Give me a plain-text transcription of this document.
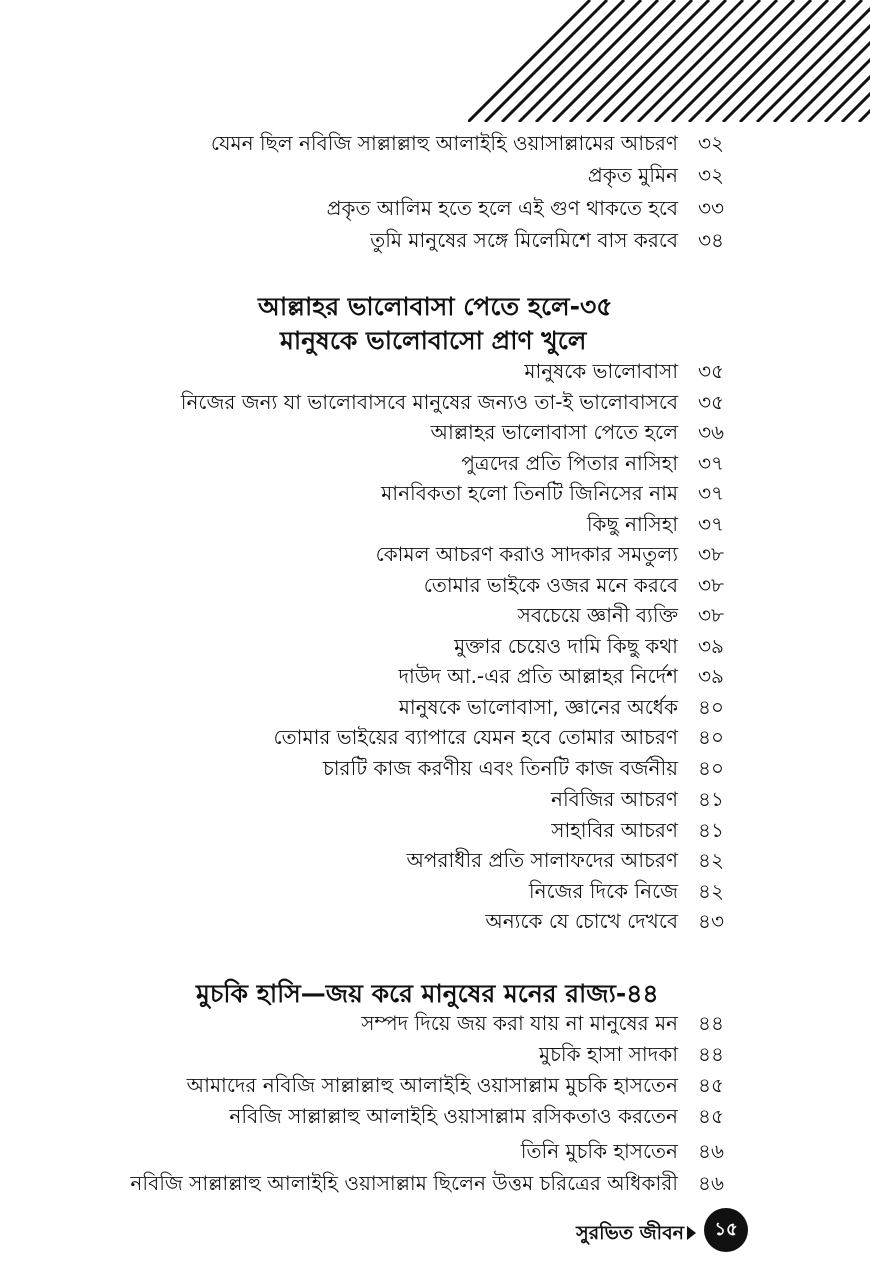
যেমন ছিল নবিজি সাল্লাল্লাহু আলাইহি ওয়াসাল্লামের আচরণ ৩২
প্রকৃত মুমিন ৩২
প্রকৃত আলিম হতে হলে এই গুণ থাকতে হবে ৩৩
তুমি মানুষের সঙ্গে মিলেমিশে বাস করবে ৩৪
আল্লাহর ভালোবাসা পেতে হলে-৩৫
মানুষকে ভালোবাসো প্রাণ খুলে
মানুষকে ভালোবাসা ৩৫
নিজের জন্য যা ভালোবাসবে মানুষের জন্যও তা-ই ভালোবাসবে ৩৫
আল্লাহর ভালোবাসা পেতে হলে ৩৬
পুত্রদের প্রতি পিতার নাসিহা ৩৭
মানবিকতা হলো তিনটি জিনিসের নাম ৩৭
কিছু নাসিহা ৩৭
কোমল আচরণ করাও সাদকার সমতুল্য ৩৮
তোমার ভাইকে ওজর মনে করবে ৩৮
সবচেয়ে জ্ঞানী ব্যক্তি ৩৮
মুক্তার চেয়েও দামি কিছু কথা ৩৯
দাউদ আ.-এর প্রতি আল্লাহর নির্দেশ ৩৯
মানুষকে ভালোবাসা, জ্ঞানের অর্ধেক ৪০
তোমার ভাইয়ের ব্যাপারে যেমন হবে তোমার আচরণ ৪০
চারটি কাজ করণীয় এবং তিনটি কাজ বর্জনীয় ৪০
নবিজির আচরণ ৪১
সাহাবির আচরণ ৪১
অপরাধীর প্রতি সালাফদের আচরণ ৪২
নিজের দিকে নিজে ৪২
অন্যকে যে চোখে দেখবে ৪৩
মুচকি হাসি—জয় করে মানুষের মনের রাজ্য-৪৪
সম্পদ দিয়ে জয় করা যায় না মানুষের মন ৪৪
মুচকি হাসা সাদকা ৪৪
আমাদের নবিজি সাল্লাল্লাহু আলাইহি ওয়াসাল্লাম মুচকি হাসতেন ৪৫
নবিজি সাল্লাল্লাহু আলাইহি ওয়াসাল্লাম রসিকতাও করতেন ৪৫
তিনি মুচকি হাসতেন ৪৬
নবিজি সাল্লাল্লাহু আলাইহি ওয়াসাল্লাম ছিলেন উত্তম চরিত্রের অধিকারী ৪৬
সুরভিত জীবন	১৫
